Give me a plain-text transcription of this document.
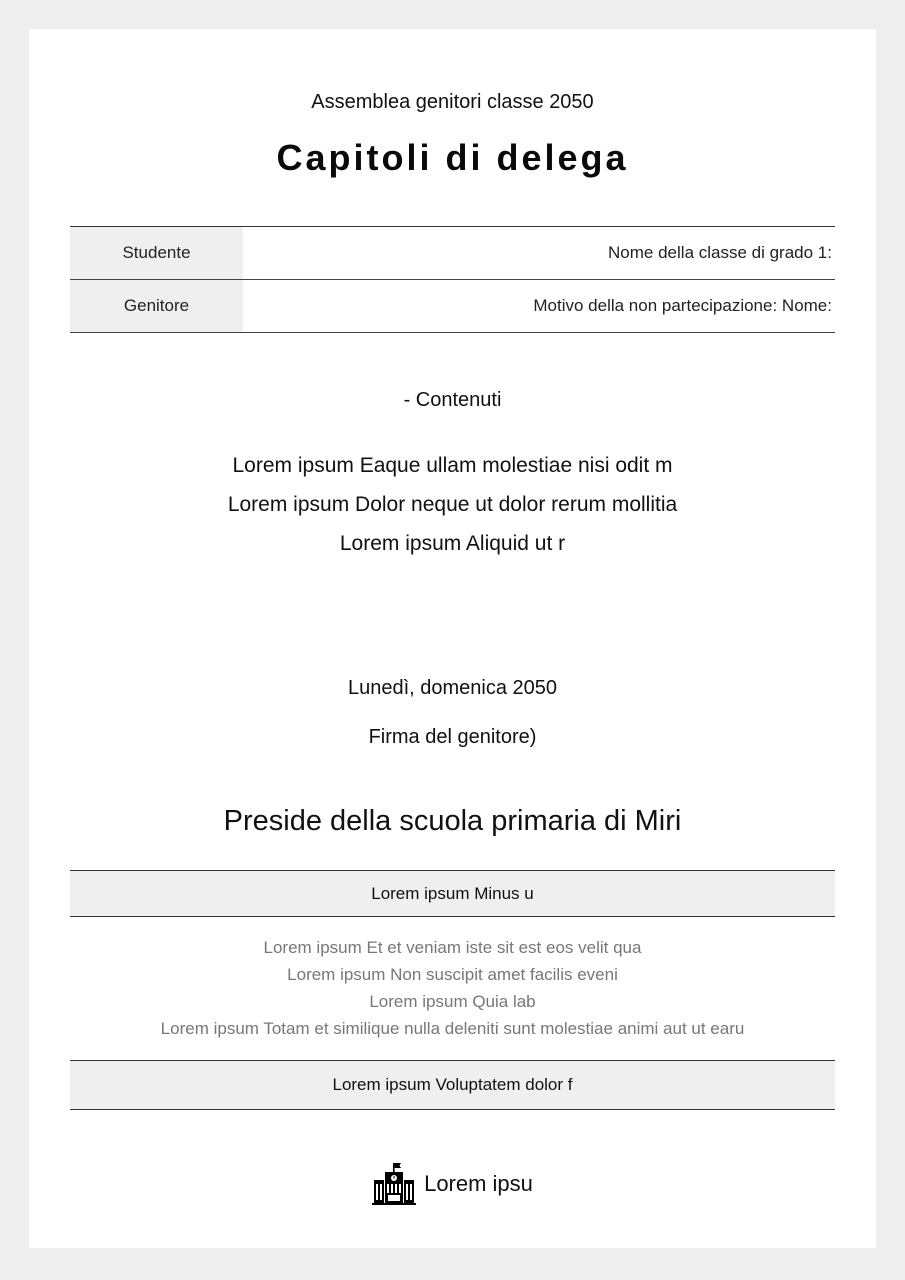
Assemblea genitori classe 2050
Capitoli di delega
Studente	Nome della classe di grado 1:
Genitore	Motivo della non partecipazione: Nome:
- Contenuti
Lorem ipsum Eaque ullam molestiae nisi odit m
Lorem ipsum Dolor neque ut dolor rerum mollitia
Lorem ipsum Aliquid ut r
Lunedì, domenica 2050
Firma del genitore)
Preside della scuola primaria di Miri
Lorem ipsum Minus u
Lorem ipsum Et et veniam iste sit est eos velit qua
Lorem ipsum Non suscipit amet facilis eveni
Lorem ipsum Quia lab
Lorem ipsum Totam et similique nulla deleniti sunt molestiae animi aut ut earu
Lorem ipsum Voluptatem dolor f
Lorem ipsu
